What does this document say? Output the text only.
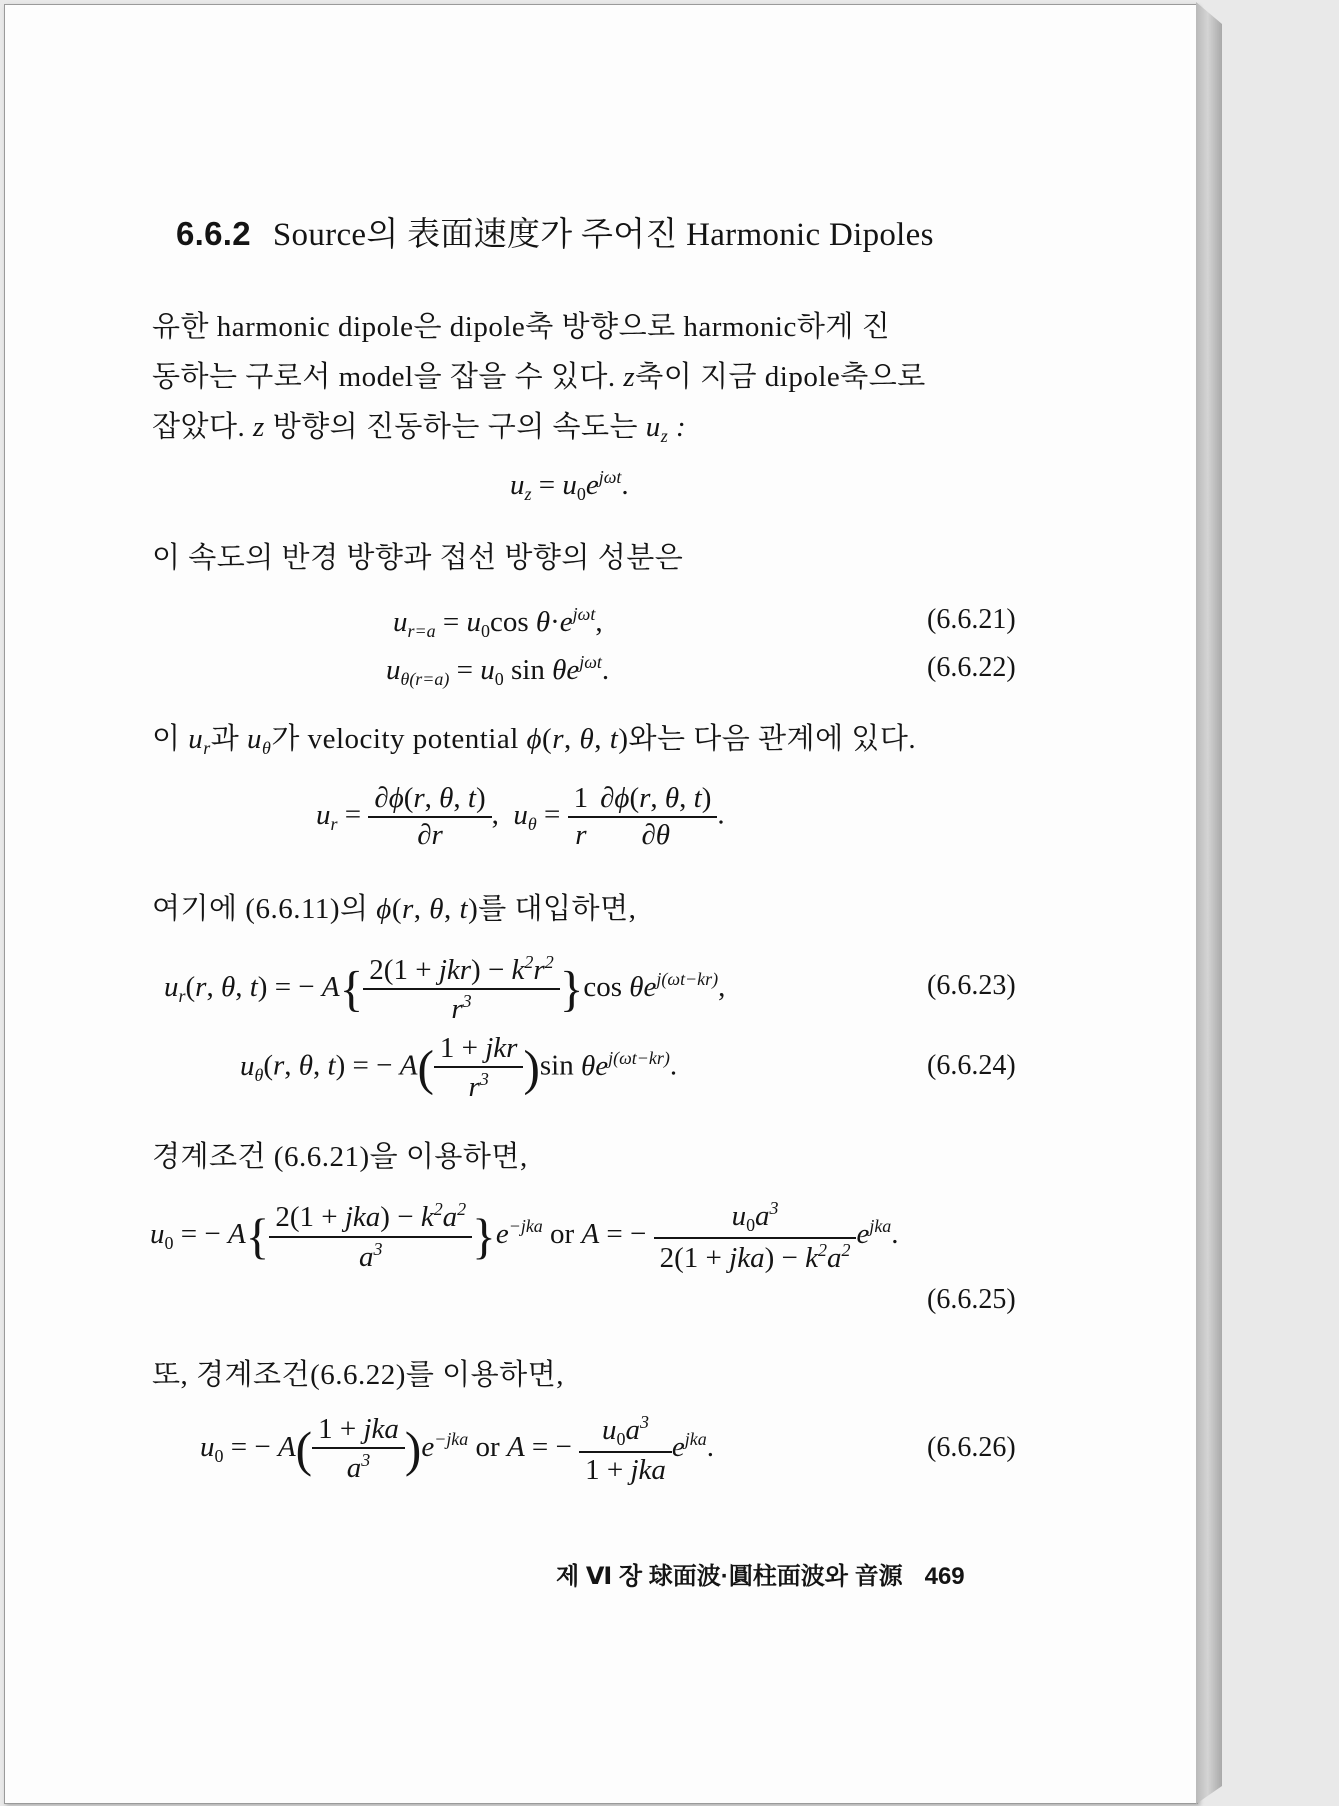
6.6.2 Source의 表面速度가 주어진 Harmonic Dipoles
유한 harmonic dipole은 dipole축 방향으로 harmonic하게 진
동하는 구로서 model을 잡을 수 있다. z축이 지금 dipole축으로
잡았다. z 방향의 진동하는 구의 속도는 $u_z$ :
$u_z = u_0e^{j\omega t}$.
이 속도의 반경 방향과 접선 방향의 성분은
$u_{r=a} = u_0\cos$ $\theta\cdot e^{j\omega t}$,	(6.6.21)
$u_{\theta(r=a)} = u_0$ $\sin \theta e^{j\omega t}$.	(6.6.22)
이 $u_r$과 $u_\theta$가 velocity potential ϕ(r, θ, t)와는 다음 관계에 있다.
$u_r = \frac{\partial\phi(r, \theta, t)}{\partial r}$ ,  $u_\theta = \frac{1}{r} \frac{\partial\phi(r, \theta, t)}{\partial\theta}$ .
여기에 (6.6.11)의 ϕ(r, θ, t)를 대입하면,
$u_r(r$, θ, t) = − $A\{ \frac{2(1 + jkr) - k^2r^2}{r^3} \}\cos$ $\theta e^{j(\omega t-kr)}$,	(6.6.23)
$u_\theta(r$, θ, t) = − $A( \frac{\text{1 + jkr}}{r^3} )\sin$ $\theta e^{j(\omega t-kr)}$.	(6.6.24)
경계조건 (6.6.21)을 이용하면,
$u_0$ = − $A\{ \frac{2(1 + jka) - k^2a^2}{a^3} \}e^{-jka}$ or A = − $\frac{u_0a^3}{2(1 + jka) - k^2a^2} e^{jka}$.
(6.6.25)
또, 경계조건(6.6.22)를 이용하면,
$u_0$ = − $A( \frac{\text{1 + jka}}{a^3} )e^{-jka}$ or A = − $\frac{u_0a^3}{\text{1 + jka}} e^{jka}$.	(6.6.26)
제 Ⅵ 장 球面波·圓柱面波와 音源 469
